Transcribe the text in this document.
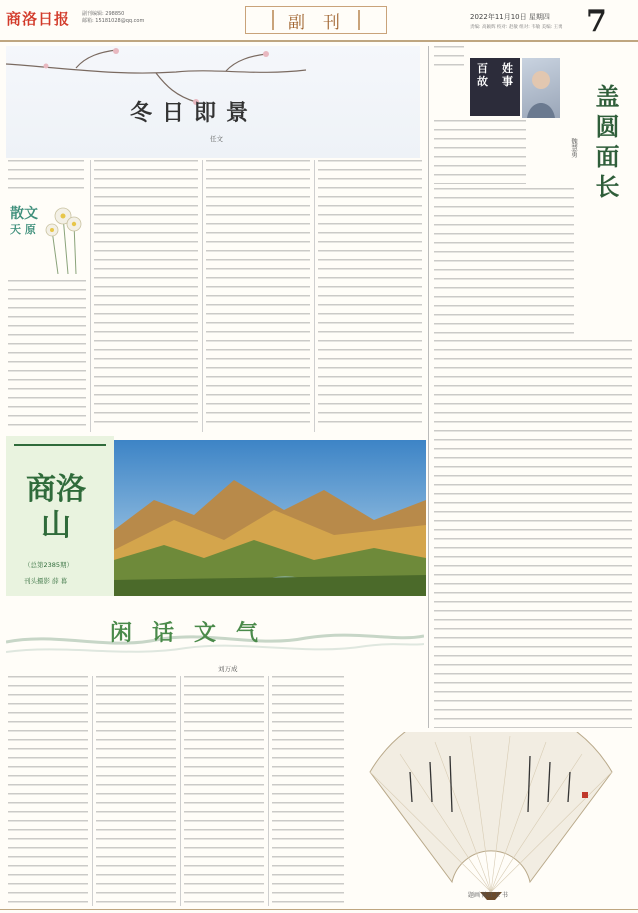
商洛日报	副刊编辑: 298850
邮箱: 15181028@qq.com	副 刊	2022年11月10日 星期四
责编: 高颖辉 校对: 赵敏 组对: 韦敏 美编: 王勇 7
冬日即景
任文
散文
天 原
百	姓
故	事
盖圆面长
魏慧勇
商洛山
（总第2385期）
刊头摄影 薛 暮
闲话文气
刘万成
题画 陈红卫 书
